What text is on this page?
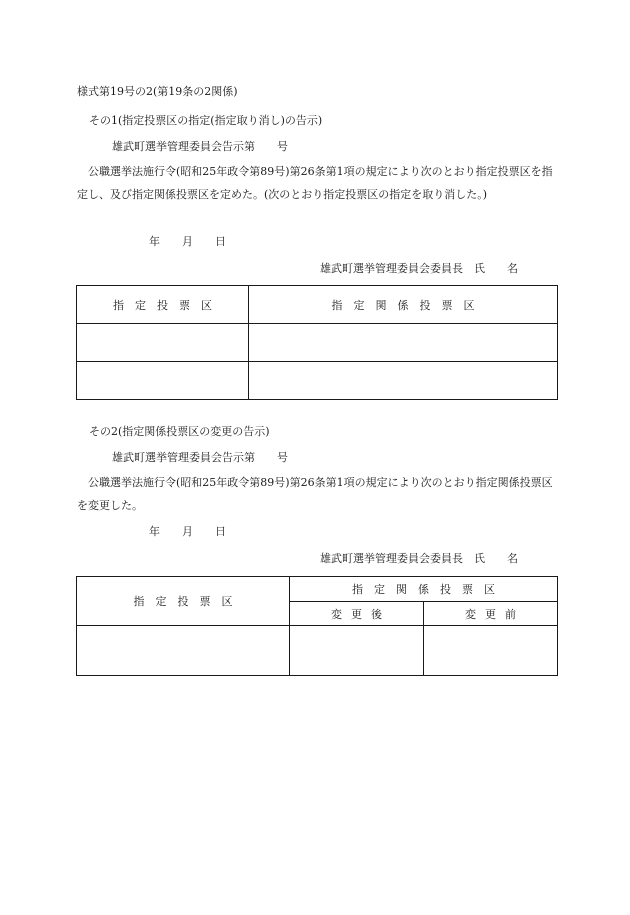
様式第19号の2(第19条の2関係)
その1(指定投票区の指定(指定取り消し)の告示)
雄武町選挙管理委員会告示第　　号
　公職選挙法施行令(昭和25年政令第89号)第26条第1項の規定により次のとおり指定投票区を指定し、及び指定関係投票区を定めた。(次のとおり指定投票区の指定を取り消した。)
年　　月　　日
雄武町選挙管理委員会委員長　氏　　名
指定投票区	指定関係投票区

その2(指定関係投票区の変更の告示)
雄武町選挙管理委員会告示第　　号
　公職選挙法施行令(昭和25年政令第89号)第26条第1項の規定により次のとおり指定関係投票区を変更した。
年　　月　　日
雄武町選挙管理委員会委員長　氏　　名
指定投票区	指定関係投票区	
	変更後	変更前
